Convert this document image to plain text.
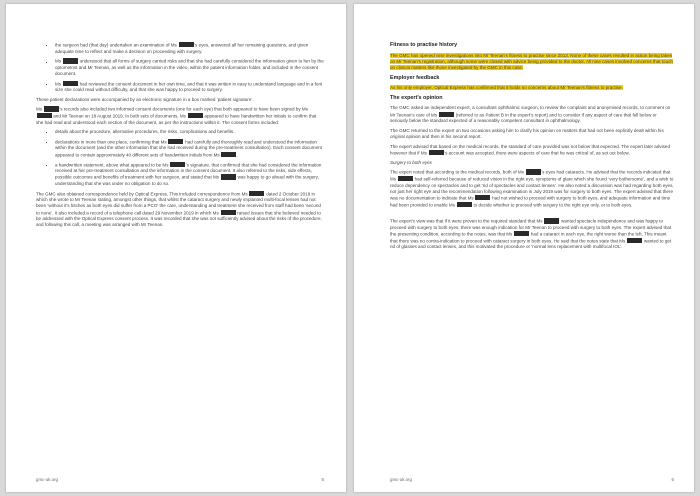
• the surgeon had (that day) undertaken an examination of Ms	’s eyes, answered all her remaining questions, and given adequate time to reflect and make a decision on proceeding with surgery.
• Ms	understood that all forms of surgery carried risks and that she had carefully considered the information given to her by the optometrist and Mr Teenan, as well as the information in the video, within the patient information folder, and included in the consent document.
• Ms	had reviewed the consent document in her own time, and that it was written in easy to understand language and in a font size she could read without difficulty, and that she was happy to proceed to surgery.

These patient declarations were accompanied by an electronic signature in a box marked ‘patient signature’.

Ms	’s records also included two informed consent documents (one for each eye) that both appeared to have been signed by Ms  and Mr Teenan on 18 August 2019. In both sets of documents, Ms	appeared to have handwritten her initials to confirm that she had read and understood each section of the document, as per the instructions within it. The consent forms included:

• details about the procedure, alternative procedures, the risks, complications and benefits.
• declarations in more than one place, confirming that Ms	had carefully and thoroughly read and understood the information within the document (and the other information that she had received during the pre-treatment consultation). Each consent document appeared to contain approximately 40 different sets of handwritten initials from Ms	.
• a handwritten statement, above what appeared to be Ms	’s signature, that confirmed that she had considered the information received at her pre-treatment consultation and the information in the consent document. It also referred to the risks, side effects, possible outcomes and benefits of treatment with her surgeon, and stated that Ms	was happy to go ahead with the surgery, understanding that she was under no obligation to do so.

The GMC also obtained correspondence held by Optical Express. This included correspondence from Ms	dated 2 October 2019 in which she wrote to Mr Teenan stating, amongst other things, that whilst the cataract surgery and newly implanted multi-focal lenses had not been ‘without it’s hitches as both eyes did suffer from a PCO’ the care, understanding and treatment she received from staff had been ‘second to none’. It also included a record of a telephone call dated 29 November 2019 in which Ms	raised issues that she believed needed to be addressed with the Optical Express consent process. It was recorded that she was not sufficiently advised about the risks of the procedure, and following this call, a meeting was arranged with Mr Teenan.

gmc-uk.org	5
Fitness to practise history

The GMC has opened nine investigations into Mr Teenan’s fitness to practise since 2013. None of these cases resulted in action being taken on Mr Teenan’s registration, although some were closed with advice being provided to the doctor. All nine cases involved concerns that touch on clinical matters like those investigated by the GMC in this case.

Employer feedback

As his only employer, Optical Express has confirmed that it holds no concerns about Mr Teenan’s fitness to practise.

The expert’s opinion

The GMC asked an independent expert, a consultant ophthalmic surgeon, to review the complaint and anonymised records, to comment on Mr Teenan’s care of Ms	(referred to as Patient B in the expert’s report) and to consider if any aspect of care that fell below or seriously below the standard expected of a reasonably competent consultant in ophthalmology.

The GMC returned to the expert on two occasions asking him to clarify his opinion on matters that had not been explicitly dealt within his original opinion and then in his second report.

The expert advised that based on the medical records, the standard of care provided was not below that expected. The expert later advised however that if Ms	’s account was accepted, there were aspects of care that he was critical of, as set out below.

Surgery to both eyes

The expert noted that according to the medical records, both of Ms	’s eyes had cataracts. He advised that the records indicated that Ms	had self-referred because of reduced vision in the right eye, symptoms of glare which she found ‘very bothersome’, and a wish to reduce dependency on spectacles and to get ‘rid of spectacles and contact lenses’. He also noted a discussion was had regarding both eyes, not just her right eye and the recommendation following examination in July 2019 was for surgery to both eyes. The expert advised that there was no documentation to indicate that Ms	had not wished to proceed with surgery to both eyes, and adequate information and time had been provided to enable Ms	to decide whether to proceed with surgery to the right eye only, or to both eyes.

The expert’s view was that if it were proven to the required standard that Ms	wanted spectacle independence and was happy to proceed with surgery to both eyes, there was enough indication for Mr Teenan to proceed with surgery to both eyes. The expert advised that the presenting condition, according to the notes, was that Ms	had a cataract in each eye, the right worse than the left. This meant that there was no contra-indication to proceed with cataract surgery in both eyes. He said that the notes state that Ms	wanted to get rid of glasses and contact lenses, and this motivated the procedure or ‘normal lens replacement with multifocal IOL’.

gmc-uk.org	6
